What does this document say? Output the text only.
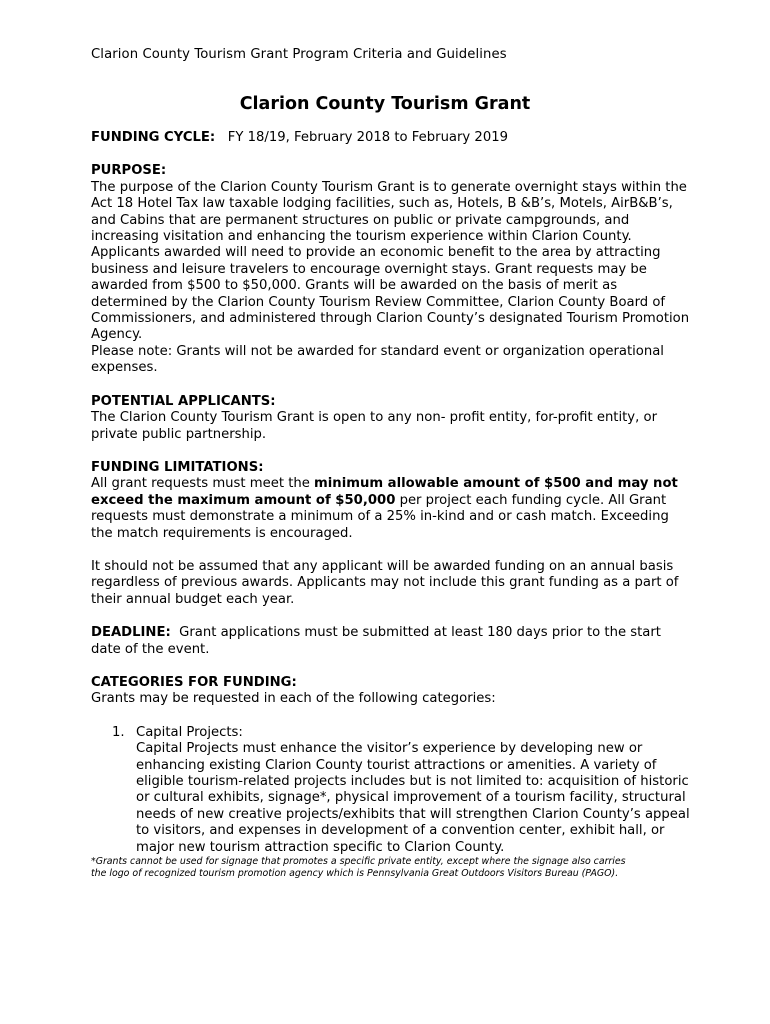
Clarion County Tourism Grant Program Criteria and Guidelines
Clarion County Tourism Grant

FUNDING CYCLE: FY 18/19, February 2018 to February 2019

PURPOSE:

The purpose of the Clarion County Tourism Grant is to generate overnight stays within the Act 18 Hotel Tax law taxable lodging facilities, such as, Hotels, B &B’s, Motels, AirB&B’s, and Cabins that are permanent structures on public or private campgrounds, and increasing visitation and enhancing the tourism experience within Clarion County. Applicants awarded will need to provide an economic benefit to the area by attracting business and leisure travelers to encourage overnight stays. Grant requests may be awarded from $500 to $50,000. Grants will be awarded on the basis of merit as determined by the Clarion County Tourism Review Committee, Clarion County Board of Commissioners, and administered through Clarion County’s designated Tourism Promotion Agency.

Please note: Grants will not be awarded for standard event or organization operational expenses.

POTENTIAL APPLICANTS:

The Clarion County Tourism Grant is open to any non- profit entity, for-profit entity, or private public partnership.

FUNDING LIMITATIONS:

All grant requests must meet the minimum allowable amount of $500 and may not exceed the maximum amount of $50,000 per project each funding cycle. All Grant requests must demonstrate a minimum of a 25% in-kind and or cash match. Exceeding the match requirements is encouraged.

It should not be assumed that any applicant will be awarded funding on an annual basis regardless of previous awards. Applicants may not include this grant funding as a part of their annual budget each year.

DEADLINE:  Grant applications must be submitted at least 180 days prior to the start date of the event.

CATEGORIES FOR FUNDING:

Grants may be requested in each of the following categories:

1. Capital Projects:
Capital Projects must enhance the visitor’s experience by developing new or enhancing existing Clarion County tourist attractions or amenities. A variety of eligible tourism-related projects includes but is not limited to: acquisition of historic or cultural exhibits, signage*, physical improvement of a tourism facility, structural needs of new creative projects/exhibits that will strengthen Clarion County’s appeal to visitors, and expenses in development of a convention center, exhibit hall, or major new tourism attraction specific to Clarion County.

*Grants cannot be used for signage that promotes a specific private entity, except where the signage also carries the logo of recognized tourism promotion agency which is Pennsylvania Great Outdoors Visitors Bureau (PAGO).
